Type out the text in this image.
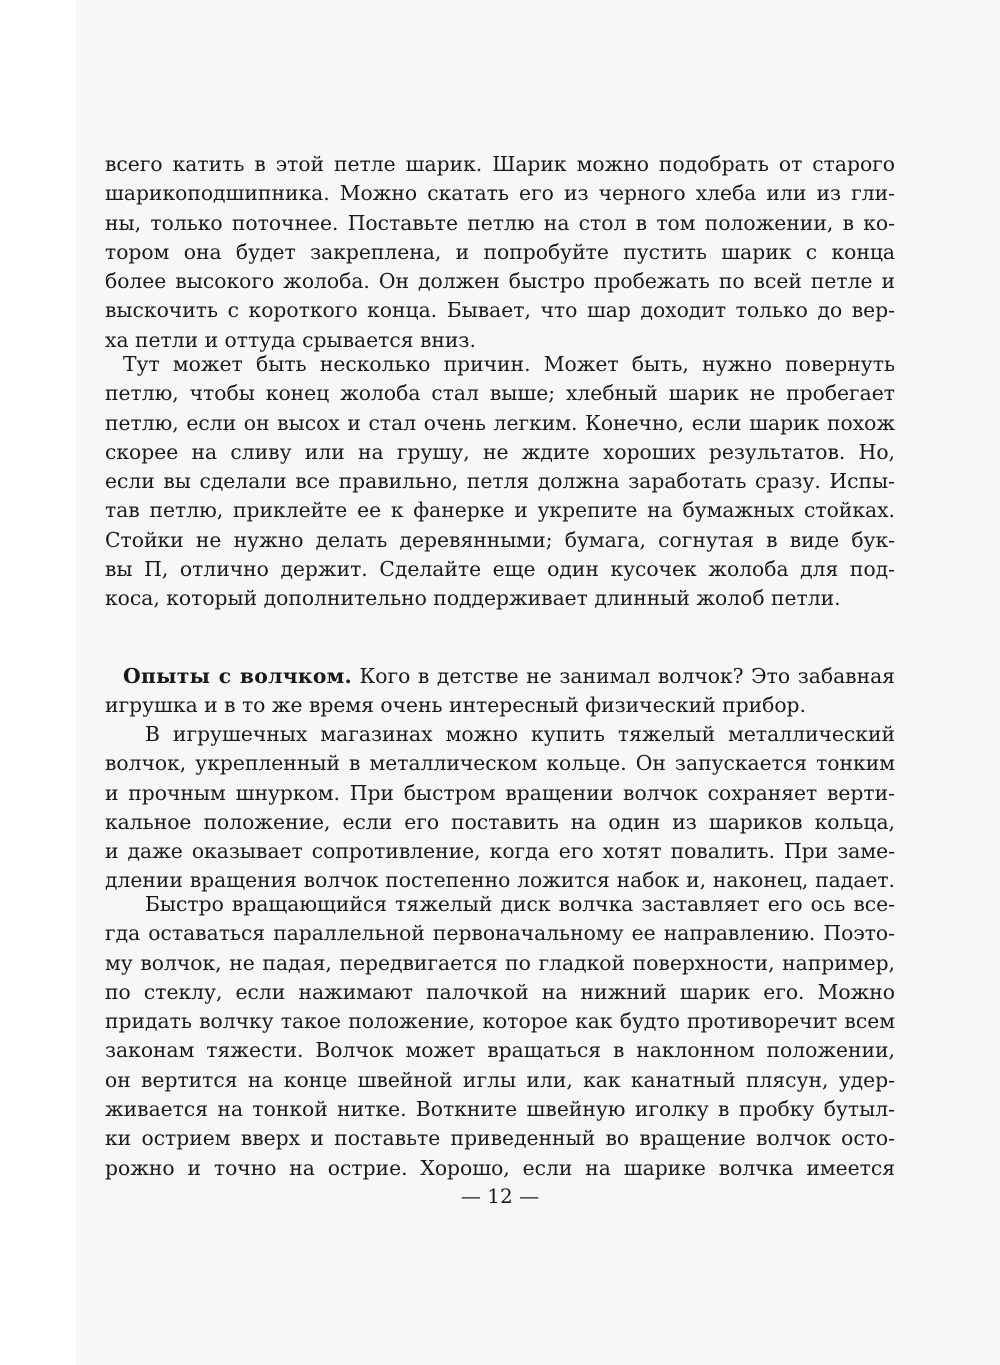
всего катить в этой петле шарик. Шарик можно подобрать от старого
шарикоподшипника. Можно скатать его из черного хлеба или из гли-
ны, только поточнее. Поставьте петлю на стол в том положении, в ко-
тором она будет закреплена, и попробуйте пустить шарик с конца
более высокого жолоба. Он должен быстро пробежать по всей петле и
выскочить с короткого конца. Бывает, что шар доходит только до вер-
ха петли и оттуда срывается вниз.
Тут может быть несколько причин. Может быть, нужно повернуть
петлю, чтобы конец жолоба стал выше; хлебный шарик не пробегает
петлю, если он высох и стал очень легким. Конечно, если шарик похож
скорее на сливу или на грушу, не ждите хороших результатов. Но,
если вы сделали все правильно, петля должна заработать сразу. Испы-
тав петлю, приклейте ее к фанерке и укрепите на бумажных стойках.
Стойки не нужно делать деревянными; бумага, согнутая в виде бук-
вы П, отлично держит. Сделайте еще один кусочек жолоба для под-
коса, который дополнительно поддерживает длинный жолоб петли.
Опыты с волчком. Кого в детстве не занимал волчок? Это забавная
игрушка и в то же время очень интересный физический прибор.
В игрушечных магазинах можно купить тяжелый металлический
волчок, укрепленный в металлическом кольце. Он запускается тонким
и прочным шнурком. При быстром вращении волчок сохраняет верти-
кальное положение, если его поставить на один из шариков кольца,
и даже оказывает сопротивление, когда его хотят повалить. При заме-
длении вращения волчок постепенно ложится набок и, наконец, падает.
Быстро вращающийся тяжелый диск волчка заставляет его ось все-
гда оставаться параллельной первоначальному ее направлению. Поэто-
му волчок, не падая, передвигается по гладкой поверхности, например,
по стеклу, если нажимают палочкой на нижний шарик его. Можно
придать волчку такое положение, которое как будто противоречит всем
законам тяжести. Волчок может вращаться в наклонном положении,
он вертится на конце швейной иглы или, как канатный плясун, удер-
живается на тонкой нитке. Воткните швейную иголку в пробку бутыл-
ки острием вверх и поставьте приведенный во вращение волчок осто-
рожно и точно на острие. Хорошо, если на шарике волчка имеется
— 12 —
